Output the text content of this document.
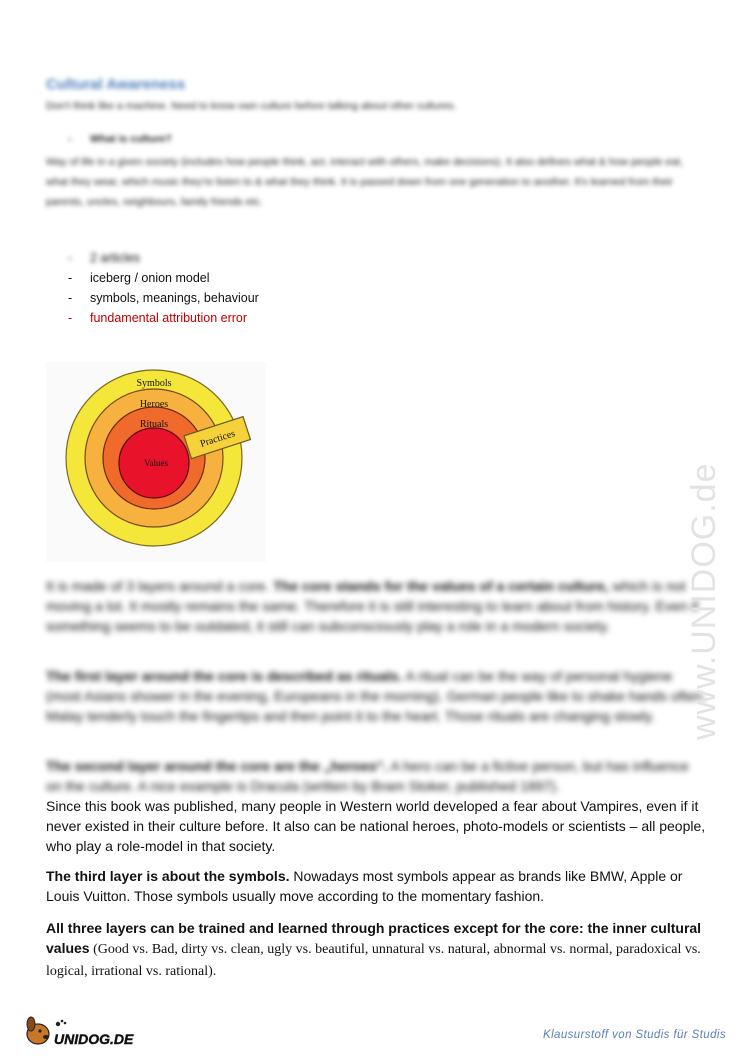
Cultural Awareness
Don't think like a machine. Need to know own culture before talking about other cultures.
- What is culture?
Way of life in a given society (includes how people think, act, interact with others, make decisions). It also defines what & how people eat, what they wear, which music they're listen to & what they think. It is passed down from one generation to another. It's learned from their parents, uncles, neighbours, family friends etc.
-	2 articles
-	iceberg / onion model
-	symbols, meanings, behaviour
-	fundamental attribution error
Practices
Symbols
Heroes
Rituals
Values

It is made of 3 layers around a core. The core stands for the values of a certain culture, which is not moving a lot. It mostly remains the same. Therefore it is still interesting to learn about from history. Even if something seems to be outdated, it still can subconsciously play a role in a modern society.

The first layer around the core is described as rituals. A ritual can be the way of personal hygiene (most Asians shower in the evening, Europeans in the morning). German people like to shake hands often, Malay tenderly touch the fingertips and then point it to the heart. Those rituals are changing slowly.

The second layer around the core are the „heroes“. A hero can be a fictive person, but has influence on the culture. A nice example is Dracula (written by Bram Stoker, published 1897).

Since this book was published, many people in Western world developed a fear about Vampires, even if it never existed in their culture before. It also can be national heroes, photo-models or scientists – all people, who play a role-model in that society.

The third layer is about the symbols. Nowadays most symbols appear as brands like BMW, Apple or Louis Vuitton. Those symbols usually move according to the momentary fashion.

All three layers can be trained and learned through practices except for the core: the inner cultural values (Good vs. Bad, dirty vs. clean, ugly vs. beautiful, unnatural vs. natural, abnormal vs. normal, paradoxical vs. logical, irrational vs. rational).

www.UNIDOG.de
UNIDOG.DE	Klausurstoff von Studis für Studis
